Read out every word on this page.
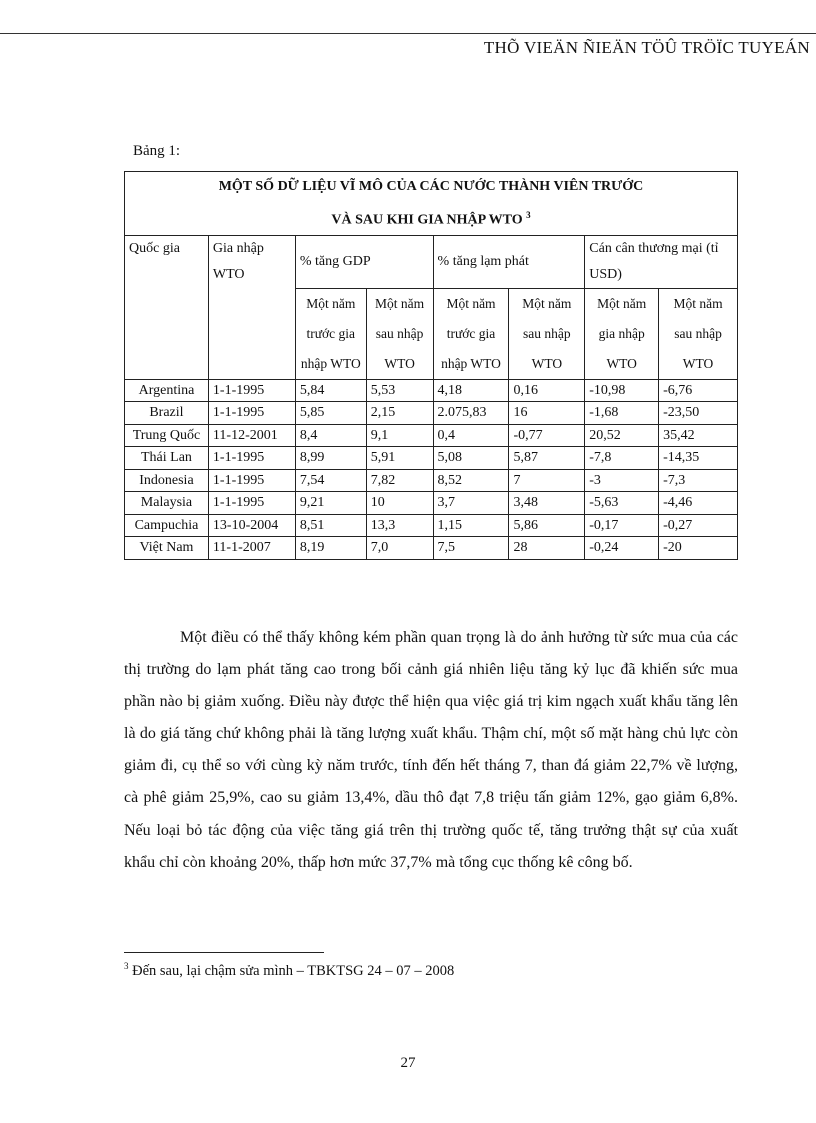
THÕ VIEÄN ÑIEÄN TÖÛ TRÖÏC TUYEÁN
Bảng 1:
MỘT SỐ DỮ LIỆU VĨ MÔ CỦA CÁC NƯỚC THÀNH VIÊN TRƯỚC
VÀ SAU KHI GIA NHẬP WTO $^3$

Quốc gia	Gia nhập WTO	% tăng GDP		% tăng lạm phát		Cán cân thương mại (tỉ USD)	
		Một năm trước gia nhập WTO	Một năm sau nhập WTO	Một năm trước gia nhập WTO	Một năm sau nhập WTO	Một năm gia nhập WTO	Một năm sau nhập WTO
Argentina	1-1-1995	5,84	5,53	4,18	0,16	-10,98	-6,76
Brazil	1-1-1995	5,85	2,15	2.075,83	16	-1,68	-23,50
Trung Quốc	11-12-2001	8,4	9,1	0,4	-0,77	20,52	35,42
Thái Lan	1-1-1995	8,99	5,91	5,08	5,87	-7,8	-14,35
Indonesia	1-1-1995	7,54	7,82	8,52	7	-3	-7,3
Malaysia	1-1-1995	9,21	10	3,7	3,48	-5,63	-4,46
Campuchia	13-10-2004	8,51	13,3	1,15	5,86	-0,17	-0,27
Việt Nam	11-1-2007	8,19	7,0	7,5	28	-0,24	-20
Một điều có thể thấy không kém phần quan trọng là do ảnh hưởng từ sức mua của các thị trường do lạm phát tăng cao trong bối cảnh giá nhiên liệu tăng kỷ lục đã khiến sức mua phần nào bị giảm xuống. Điều này được thể hiện qua việc giá trị kim ngạch xuất khẩu tăng lên là do giá tăng chứ không phải là tăng lượng xuất khẩu. Thậm chí, một số mặt hàng chủ lực còn giảm đi, cụ thể so với cùng kỳ năm trước, tính đến hết tháng 7, than đá giảm 22,7% về lượng, cà phê giảm 25,9%, cao su giảm 13,4%, dầu thô đạt 7,8 triệu tấn giảm 12%, gạo giảm 6,8%. Nếu loại bỏ tác động của việc tăng giá trên thị trường quốc tế, tăng trưởng thật sự của xuất khẩu chỉ còn khoảng 20%, thấp hơn mức 37,7% mà tổng cục thống kê công bố.
$^3$ Đến sau, lại chậm sửa mình – TBKTSG 24 – 07 – 2008
27
